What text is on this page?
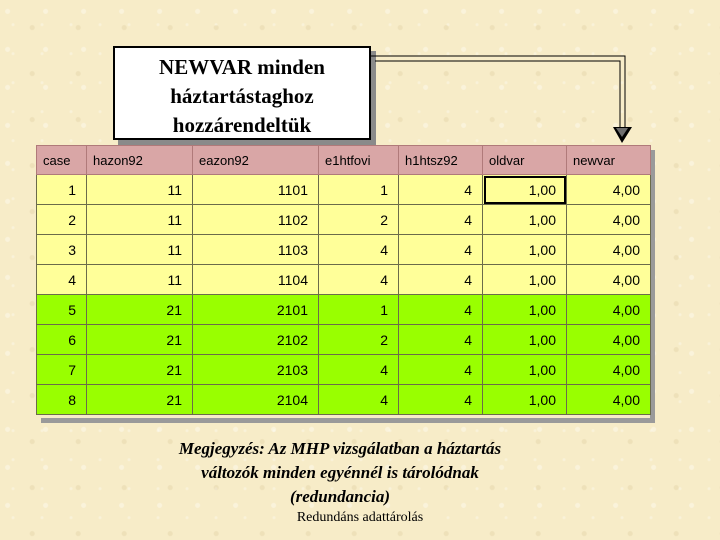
NEWVAR minden
háztartástaghoz
hozzárendeltük
case	hazon92	eazon92	e1htfovi	h1htsz92	oldvar	newvar
1	11	1101	1	4	1,00	4,00
2	11	1102	2	4	1,00	4,00
3	11	1103	4	4	1,00	4,00
4	11	1104	4	4	1,00	4,00
5	21	2101	1	4	1,00	4,00
6	21	2102	2	4	1,00	4,00
7	21	2103	4	4	1,00	4,00
8	21	2104	4	4	1,00	4,00
Megjegyzés: Az MHP vizsgálatban a háztartás
változók minden egyénnél is tárolódnak
(redundancia)
Redundáns adattárolás
